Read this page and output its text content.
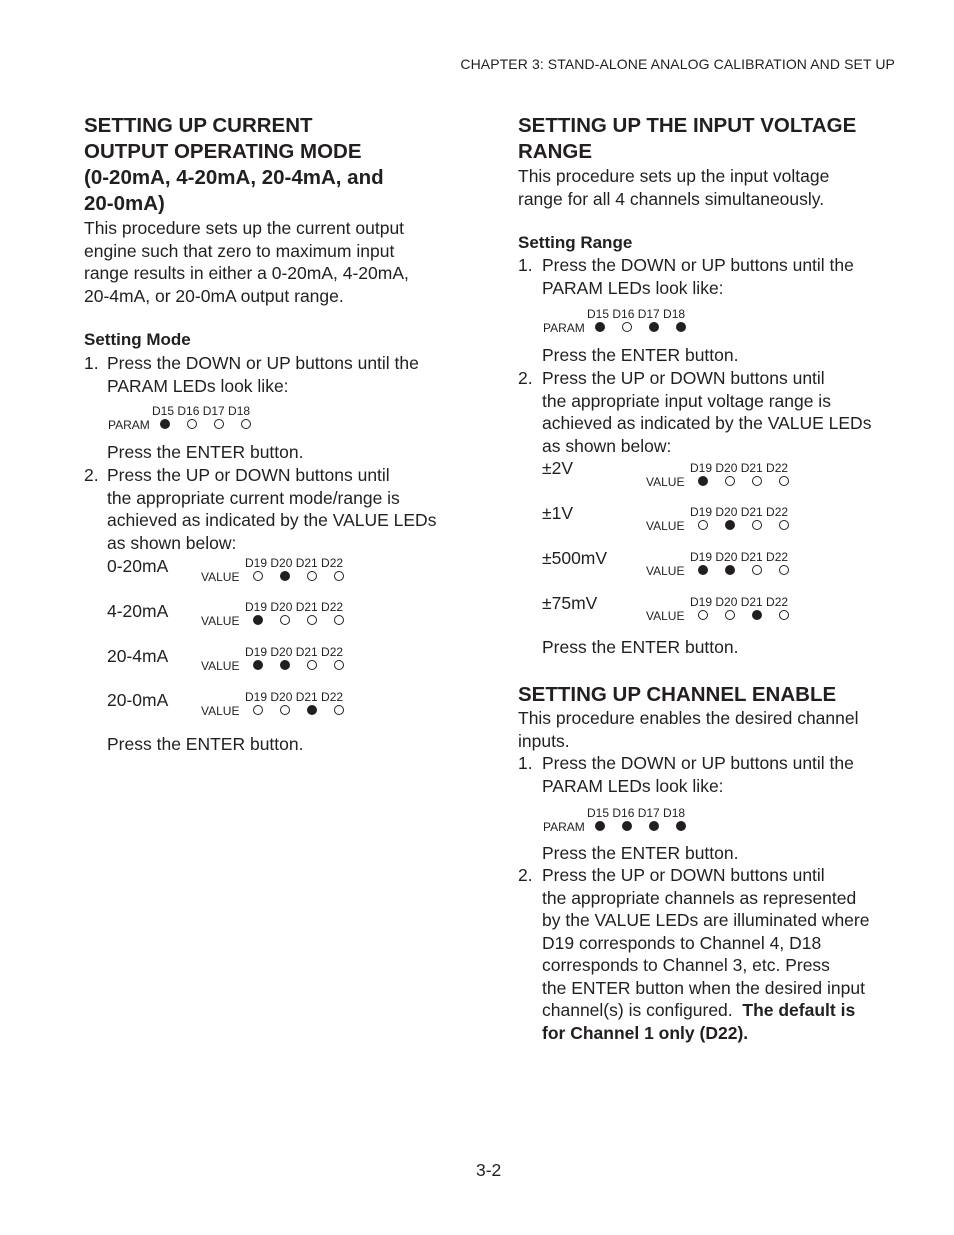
CHAPTER 3: STAND-ALONE ANALOG CALIBRATION AND SET UP
SETTING UP CURRENT
OUTPUT OPERATING MODE
(0-20mA, 4-20mA, 20-4mA, and
20-0mA)
This procedure sets up the current output
engine such that zero to maximum input
range results in either a 0-20mA, 4-20mA,
20-4mA, or 20-0mA output range.
Setting Mode
1. Press the DOWN or UP buttons until the
PARAM LEDs look like:
D15 D16 D17 D18
PARAM
Press the ENTER button.
2. Press the UP or DOWN buttons until
the appropriate current mode/range is
achieved as indicated by the VALUE LEDs
as shown below:
0-20mA	D19 D20 D21 D22
VALUE
4-20mA	D19 D20 D21 D22
VALUE
20-4mA	D19 D20 D21 D22
VALUE
20-0mA	D19 D20 D21 D22
VALUE
Press the ENTER button.
SETTING UP THE INPUT VOLTAGE
RANGE
This procedure sets up the input voltage
range for all 4 channels simultaneously.
Setting Range
1. Press the DOWN or UP buttons until the
PARAM LEDs look like:
D15 D16 D17 D18
PARAM
Press the ENTER button.
2. Press the UP or DOWN buttons until
the appropriate input voltage range is
achieved as indicated by the VALUE LEDs
as shown below:
±2V	D19 D20 D21 D22
VALUE
±1V	D19 D20 D21 D22
VALUE
±500mV	D19 D20 D21 D22
VALUE
±75mV	D19 D20 D21 D22
VALUE
Press the ENTER button.
SETTING UP CHANNEL ENABLE
This procedure enables the desired channel
inputs.
1. Press the DOWN or UP buttons until the
PARAM LEDs look like:
D15 D16 D17 D18
PARAM
Press the ENTER button.
2. Press the UP or DOWN buttons until
the appropriate channels as represented
by the VALUE LEDs are illuminated where
D19 corresponds to Channel 4, D18
corresponds to Channel 3, etc. Press
the ENTER button when the desired input
channel(s) is configured.  The default is
for Channel 1 only (D22).
3-2
